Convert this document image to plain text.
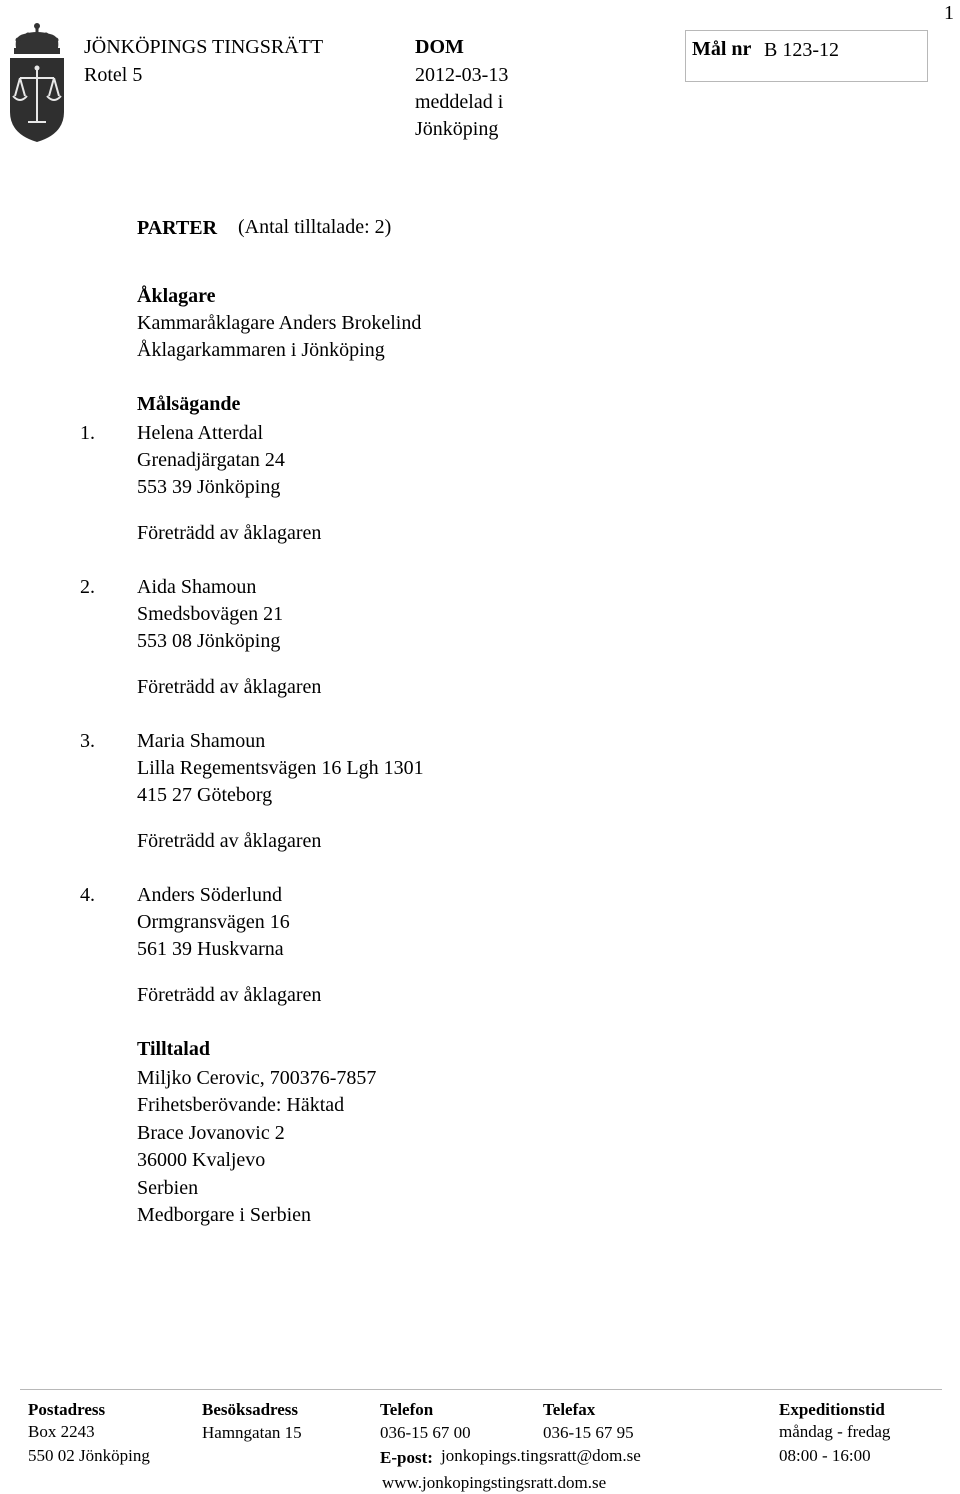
1
JÖNKÖPINGS TINGSRÄTT
Rotel 5
DOM
2012-03-13
meddelad i
Jönköping
Mål nr B 123-12
PARTER (Antal tilltalade: 2)
Åklagare
Kammaråklagare Anders Brokelind
Åklagarkammaren i Jönköping
Målsägande
1. Helena Atterdal
Grenadjärgatan 24
553 39 Jönköping
Företrädd av åklagaren
2. Aida Shamoun
Smedsbovägen 21
553 08 Jönköping
Företrädd av åklagaren
3. Maria Shamoun
Lilla Regementsvägen 16 Lgh 1301
415 27 Göteborg
Företrädd av åklagaren
4. Anders Söderlund
Ormgransvägen 16
561 39 Huskvarna
Företrädd av åklagaren
Tilltalad
Miljko Cerovic, 700376-7857
Frihetsberövande: Häktad
Brace Jovanovic 2
36000 Kvaljevo
Serbien
Medborgare i Serbien
Postadress
Box 2243
550 02 Jönköping
Besöksadress
Hamngatan 15
Telefon
036-15 67 00
Telefax
036-15 67 95
E-post: jonkopings.tingsratt@dom.se
www.jonkopingstingsratt.dom.se
Expeditionstid
måndag - fredag
08:00 - 16:00
